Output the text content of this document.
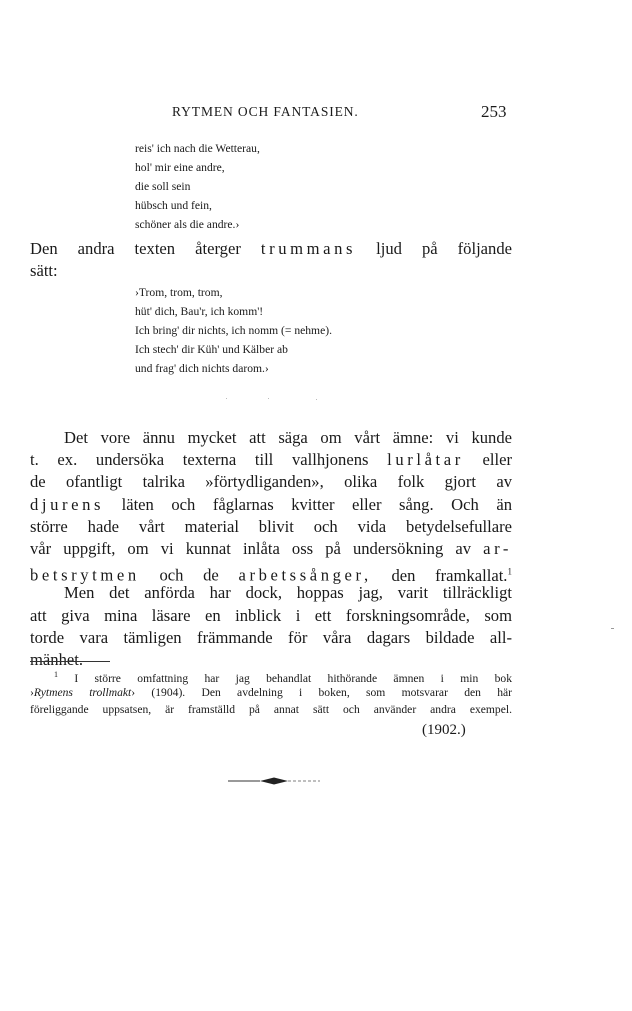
RYTMEN OCH FANTASIEN.	253
reis' ich nach die Wetterau,
hol' mir eine andre,
die soll sein
hübsch und fein,
schöner als die andre.›
Den andra texten återger trummans ljud på följande
sätt:
›Trom, trom, trom,
hüt' dich, Bau'r, ich komm'!
Ich bring' dir nichts, ich nomm (= nehme).
Ich stech' dir Küh' und Kälber ab
und frag' dich nichts darom.›
Det vore ännu mycket att säga om vårt ämne: vi kunde
t. ex. undersöka texterna till vallhjonens lurlåtar eller
de ofantligt talrika »förtydliganden», olika folk gjort av
djurens läten och fåglarnas kvitter eller sång. Och än
större hade vårt material blivit och vida betydelsefullare
vår uppgift, om vi kunnat inlåta oss på undersökning av ar-
betsrytmen och de arbetssånger, den framkallat.$^1$
Men det anförda har dock, hoppas jag, varit tillräckligt
att giva mina läsare en inblick i ett forskningsområde, som
torde vara tämligen främmande för våra dagars bildade all-
mänhet.
$^1$ I större omfattning har jag behandlat hithörande ämnen i min bok
›Rytmens trollmakt› (1904). Den avdelning i boken, som motsvarar den här
föreliggande uppsatsen, är framställd på annat sätt och använder andra exempel.
(1902.)
